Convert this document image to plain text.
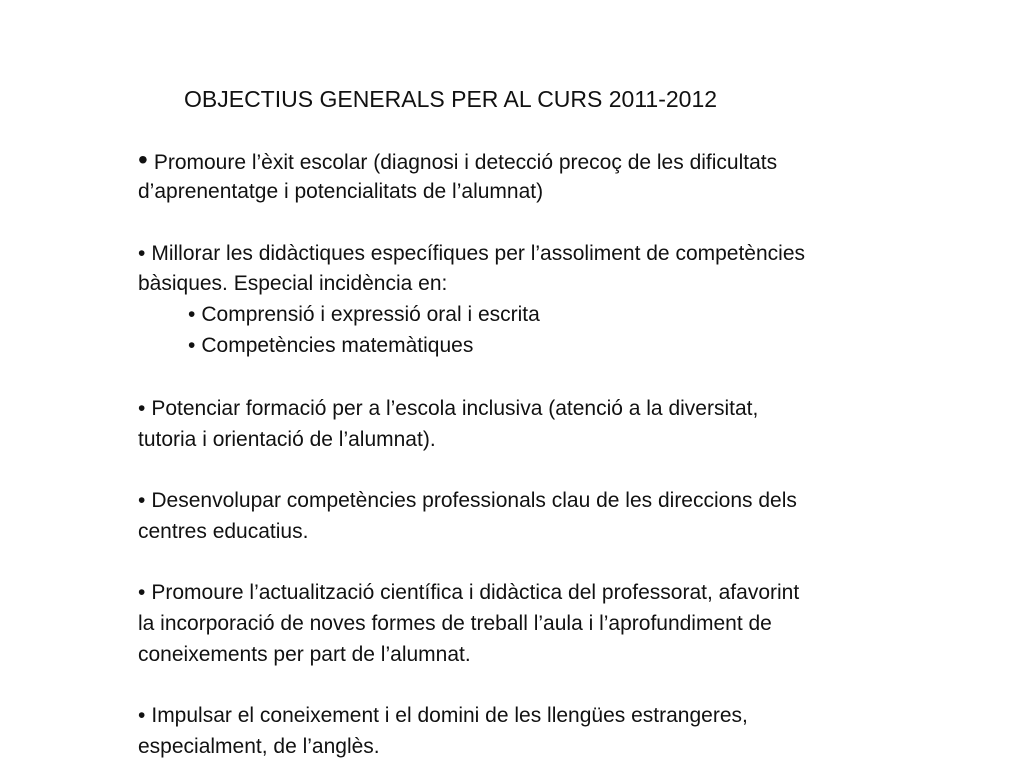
OBJECTIUS GENERALS PER AL CURS 2011-2012

• Promoure l’èxit escolar (diagnosi i detecció precoç de les dificultats

d’aprenentatge i potencialitats de l’alumnat)

• Millorar les didàctiques específiques per l’assoliment de competències

bàsiques. Especial incidència en:

• Comprensió i expressió oral i escrita

• Competències matemàtiques

• Potenciar formació per a l’escola inclusiva (atenció a la diversitat,

tutoria i orientació de l’alumnat).

• Desenvolupar competències professionals clau de les direccions dels

centres educatius.

• Promoure l’actualització científica i didàctica del professorat, afavorint

la incorporació de noves formes de treball l’aula i l’aprofundiment de

coneixements per part de l’alumnat.

• Impulsar el coneixement i el domini de les llengües estrangeres,

especialment, de l’anglès.
